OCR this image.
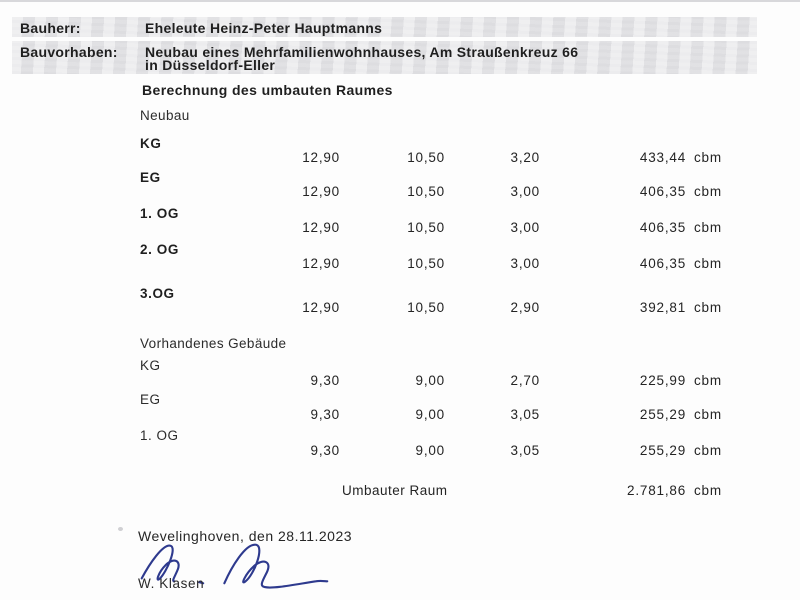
Bauherr:	Eheleute Heinz-Peter Hauptmanns
Bauvorhaben: Neubau eines Mehrfamilienwohnhauses, Am Straußenkreuz 66
in Düsseldorf-Eller
Berechnung des umbauten Raumes
Neubau
KG
12,90	10,50	3,20	433,44 cbm
EG
12,90	10,50	3,00	406,35 cbm
1. OG
12,90	10,50	3,00	406,35 cbm
2. OG
12,90	10,50	3,00	406,35 cbm
3.OG
12,90	10,50	2,90	392,81 cbm
Vorhandenes Gebäude
KG
9,30	9,00	2,70	225,99 cbm
EG
9,30	9,00	3,05	255,29 cbm
1. OG
9,30	9,00	3,05	255,29 cbm
Umbauter Raum	2.781,86 cbm
Wevelinghoven, den 28.11.2023
W. Klasen
